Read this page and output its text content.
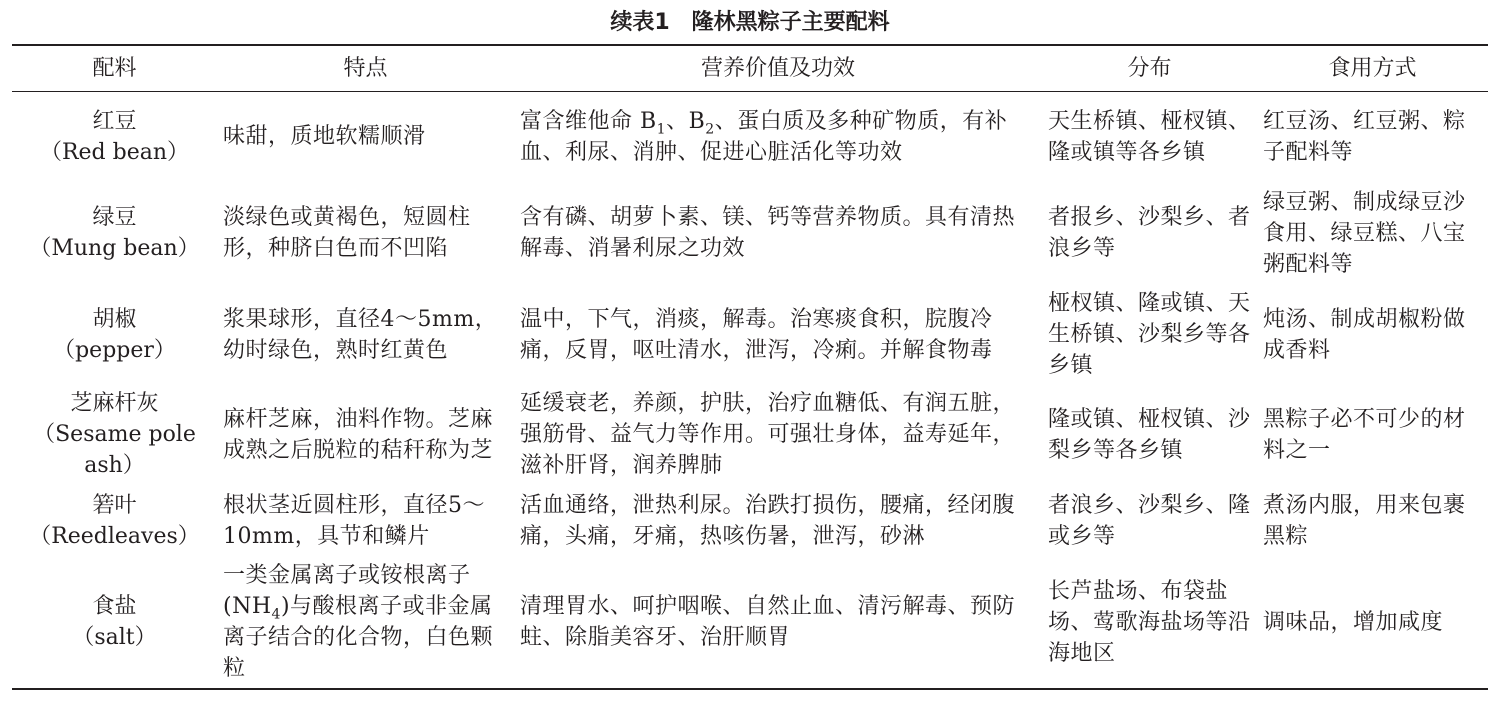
续表1　隆林黑粽子主要配料
配料	特点	营养价值及功效	分布	食用方式

红豆
（Red bean）	味甜，质地软糯顺滑	富含维他命 $B_1$、$B_2$、蛋白质及多种矿物质，有补血、利尿、消肿、促进心脏活化等功效	天生桥镇、桠杈镇、隆或镇等各乡镇	红豆汤、红豆粥、粽子配料等

绿豆
（Mung bean）	淡绿色或黄褐色，短圆柱形，种脐白色而不凹陷	含有磷、胡萝卜素、镁、钙等营养物质。具有清热解毒、消暑利尿之功效	者报乡、沙梨乡、者浪乡等	绿豆粥、制成绿豆沙食用、绿豆糕、八宝粥配料等

胡椒
（pepper）	浆果球形，直径4～5mm，幼时绿色，熟时红黄色	温中，下气，消痰，解毒。治寒痰食积，脘腹冷痛，反胃，呕吐清水，泄泻，冷痢。并解食物毒	桠杈镇、隆或镇、天生桥镇、沙梨乡等各乡镇	炖汤、制成胡椒粉做成香料

芝麻杆灰
（Sesame pole ash）	麻杆芝麻，油料作物。芝麻成熟之后脱粒的秸秆称为芝	延缓衰老，养颜，护肤，治疗血糖低、有润五脏，强筋骨、益气力等作用。可强壮身体，益寿延年，滋补肝肾，润养脾肺	隆或镇、桠杈镇、沙梨乡等各乡镇	黑粽子必不可少的材料之一

箬叶
（Reedleaves）	根状茎近圆柱形，直径5～10mm，具节和鳞片	活血通络，泄热利尿。治跌打损伤，腰痛，经闭腹痛，头痛，牙痛，热咳伤暑，泄泻，砂淋	者浪乡、沙梨乡、隆或乡等	煮汤内服，用来包裹黑粽

食盐
（salt）	一类金属离子或铵根离子$(NH_4)$与酸根离子或非金属离子结合的化合物，白色颗粒	清理胃水、呵护咽喉、自然止血、清污解毒、预防蛀、除脂美容牙、治肝顺胃	长芦盐场、布袋盐场、莺歌海盐场等沿海地区	调味品，增加咸度
